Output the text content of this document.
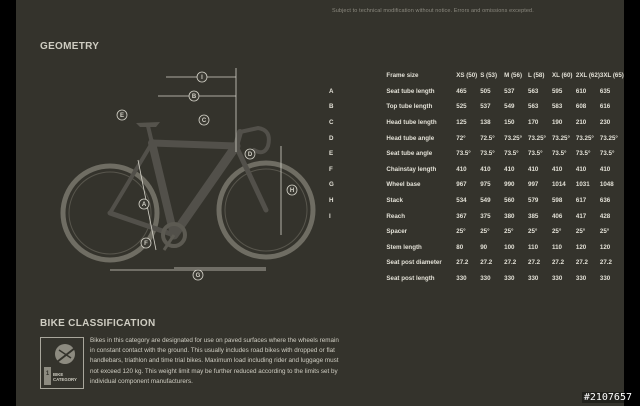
Subject to technical modification without notice. Errors and omissions excepted.
GEOMETRY
I
B
E
C
D
H
A
F
G
	Frame size	XS (50)	S (53)	M (56)	L (58)	XL (60)	2XL (62)	3XL (65)
A	Seat tube length	465	505	537	563	595	610	635
B	Top tube length	525	537	549	563	583	608	616
C	Head tube length	125	138	150	170	190	210	230
D	Head tube angle	72°	72.5°	73.25°	73.25°	73.25°	73.25°	73.25°
E	Seat tube angle	73.5°	73.5°	73.5°	73.5°	73.5°	73.5°	73.5°
F	Chainstay length	410	410	410	410	410	410	410
G	Wheel base	967	975	990	997	1014	1031	1048
H	Stack	534	549	560	579	598	617	636
I	Reach	367	375	380	385	406	417	428
	Spacer	25°	25°	25°	25°	25°	25°	25°
	Stem length	80	90	100	110	110	120	120
	Seat post diameter	27.2	27.2	27.2	27.2	27.2	27.2	27.2
	Seat post length	330	330	330	330	330	330	330
BIKE CLASSIFICATION
1 BIKE CATEGORY
Bikes in this category are designated for use on paved surfaces where the wheels remain in constant contact with the ground. This usually includes road bikes with dropped or flat handlebars, triathlon and time trial bikes. Maximum load including rider and luggage must not exceed 120 kg. This weight limit may be further reduced according to the limits set by individual component manufacturers.
#2107657
